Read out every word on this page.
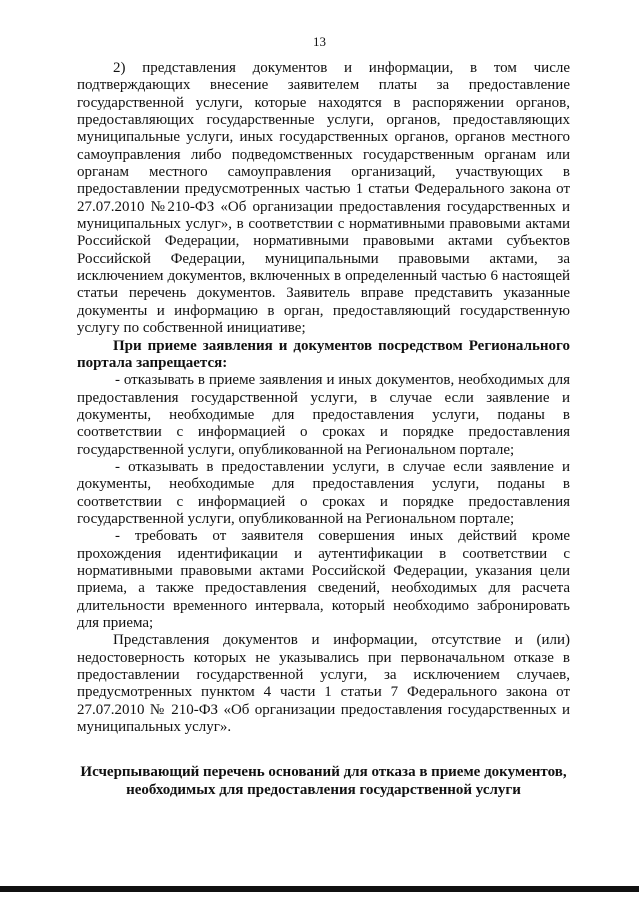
13

2) представления документов и информации, в том числе подтверждающих внесение заявителем платы за предоставление государственной услуги, которые находятся в распоряжении органов, предоставляющих государственные услуги, органов, предоставляющих муниципальные услуги, иных государственных органов, органов местного самоуправления либо подведомственных государственным органам или органам местного самоуправления организаций, участвующих в предоставлении предусмотренных частью 1 статьи Федерального закона от 27.07.2010 №210-ФЗ «Об организации предоставления государственных и муниципальных услуг», в соответствии с нормативными правовыми актами Российской Федерации, нормативными правовыми актами субъектов Российской Федерации, муниципальными правовыми актами, за исключением документов, включенных в определенный частью 6 настоящей статьи перечень документов. Заявитель вправе представить указанные документы и информацию в орган, предоставляющий государственную услугу по собственной инициативе;

При приеме заявления и документов посредством Регионального портала запрещается:

- отказывать в приеме заявления и иных документов, необходимых для предоставления государственной услуги, в случае если заявление и документы, необходимые для предоставления услуги, поданы в соответствии с информацией о сроках и порядке предоставления государственной услуги, опубликованной на Региональном портале;

- отказывать в предоставлении услуги, в случае если заявление и документы, необходимые для предоставления услуги, поданы в соответствии с информацией о сроках и порядке предоставления государственной услуги, опубликованной на Региональном портале;

- требовать от заявителя совершения иных действий кроме прохождения идентификации и аутентификации в соответствии с нормативными правовыми актами Российской Федерации, указания цели приема, а также предоставления сведений, необходимых для расчета длительности временного интервала, который необходимо забронировать для приема;

Представления документов и информации, отсутствие и (или) недостоверность которых не указывались при первоначальном отказе в предоставлении государственной услуги, за исключением случаев, предусмотренных пунктом 4 части 1 статьи 7 Федерального закона от 27.07.2010 № 210-ФЗ «Об организации предоставления государственных и муниципальных услуг».

Исчерпывающий перечень оснований для отказа в приеме документов, необходимых для предоставления государственной услуги
